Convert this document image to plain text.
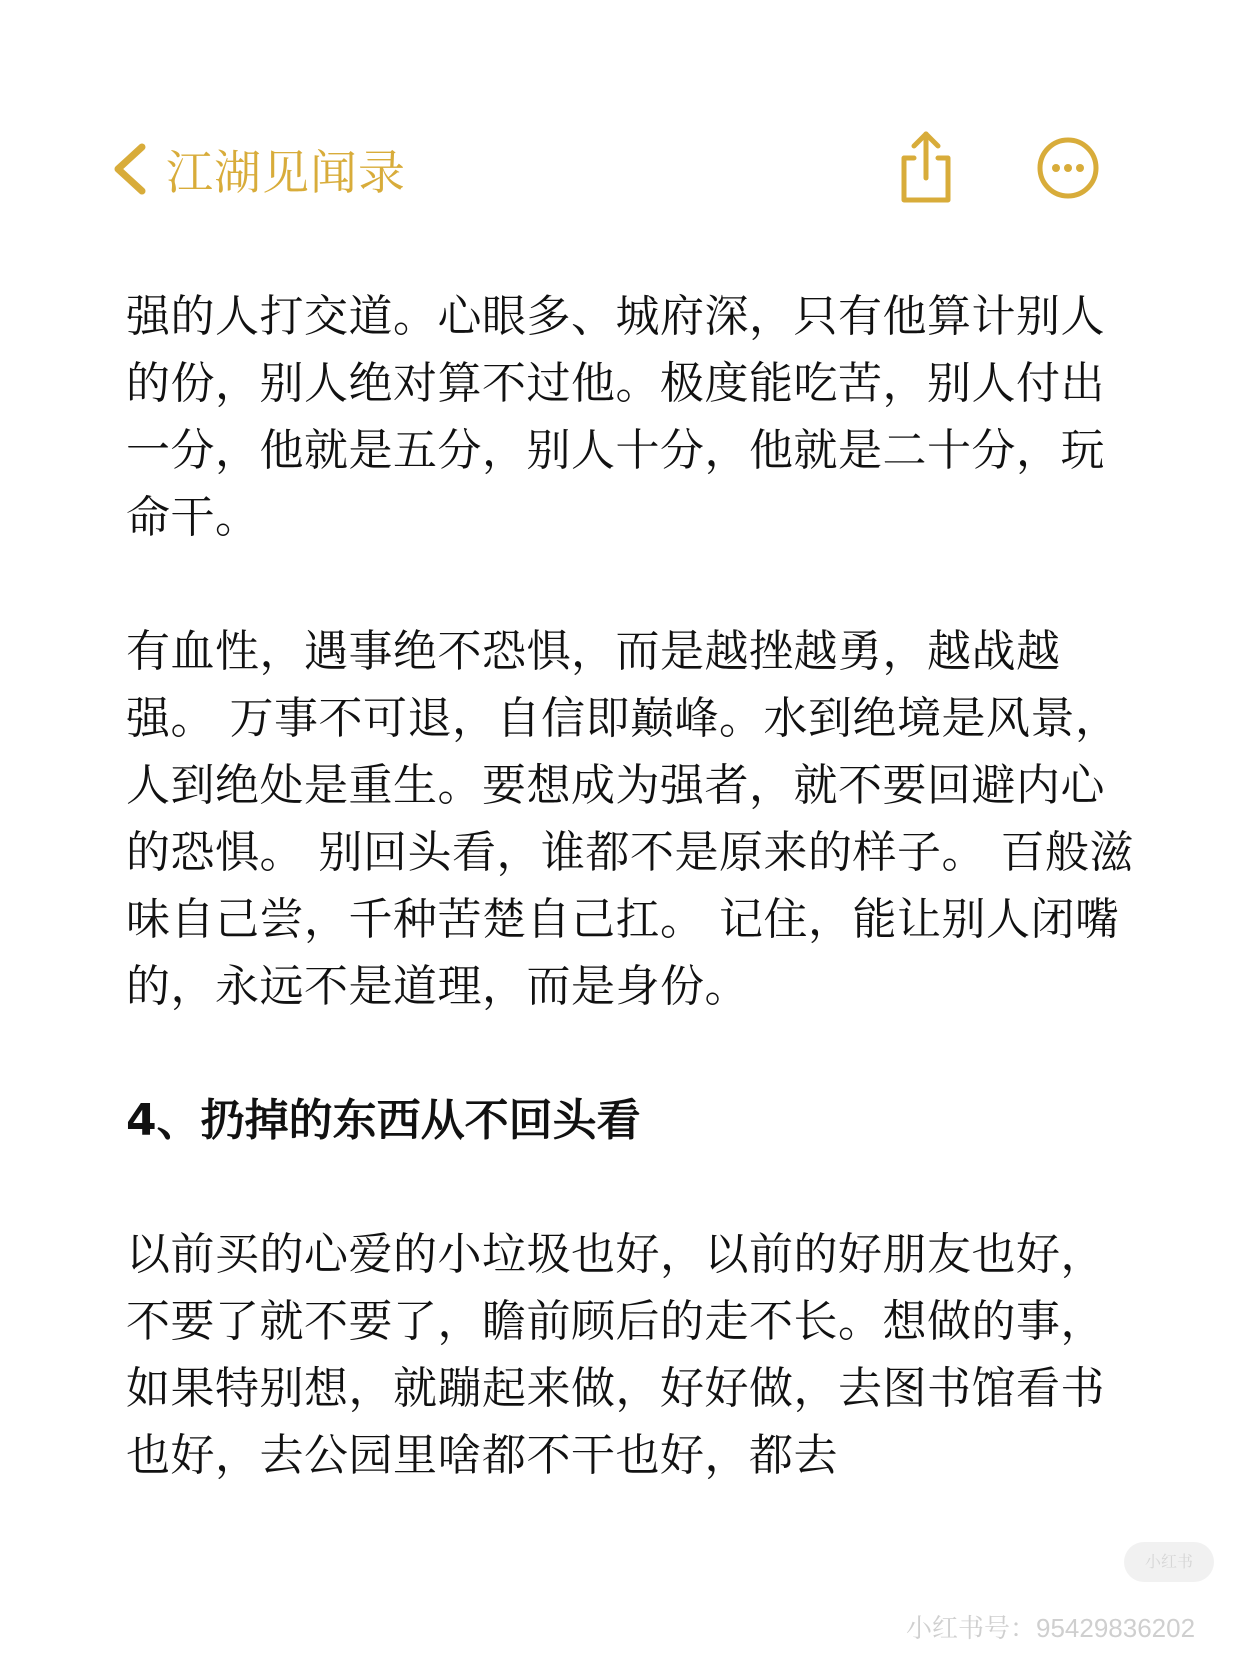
江湖见闻录

强的人打交道。心眼多、城府深，只有他算计别人的份，别人绝对算不过他。极度能吃苦，别人付出一分，他就是五分，别人十分，他就是二十分，玩命干。

有血性，遇事绝不恐惧，而是越挫越勇，越战越强。 万事不可退，自信即巅峰。水到绝境是风景，人到绝处是重生。要想成为强者，就不要回避内心的恐惧。 别回头看，谁都不是原来的样子。 百般滋味自己尝，千种苦楚自己扛。 记住，能让别人闭嘴的，永远不是道理，而是身份。

4、扔掉的东西从不回头看

以前买的心爱的小垃圾也好，以前的好朋友也好，不要了就不要了，瞻前顾后的走不长。想做的事，如果特别想，就蹦起来做，好好做，去图书馆看书也好，去公园里啥都不干也好，都去

小红书
小红书号：95429836202
